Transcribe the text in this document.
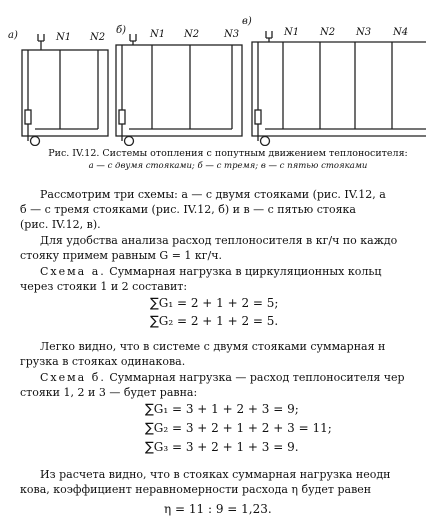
a)	б)
в)
N1 N2	N1 N2 N3	N1 N2 N3 N4
Рис. IV.12. Системы отопления с попутным движением теплоносителя:
а — с двумя стояками; б — с тремя; в — с пятью стояками
Рассмотрим три схемы: а — с двумя стояками (рис. IV.12, а
б — с тремя стояками (рис. IV.12, б) и в — с пятью стояка
(рис. IV.12, в).
Для удобства анализа расход теплоносителя в кг/ч по каждо
стояку примем равным G = 1 кг/ч.
Схема а. Суммарная нагрузка в циркуляционных кольц
через стояки 1 и 2 составит:
∑G₁ = 2 + 1 + 2 = 5;
∑G₂ = 2 + 1 + 2 = 5.
Легко видно, что в системе с двумя стояками суммарная н
грузка в стояках одинакова.
Схема б. Суммарная нагрузка — расход теплоносителя чер
стояки 1, 2 и 3 — будет равна:
∑G₁ = 3 + 1 + 2 + 3 = 9;
∑G₂ = 3 + 2 + 1 + 2 + 3 = 11;
∑G₃ = 3 + 2 + 1 + 3 = 9.
Из расчета видно, что в стояках суммарная нагрузка неодн
кова, коэффициент неравномерности расхода η будет равен
η = 11 : 9 = 1,23.
